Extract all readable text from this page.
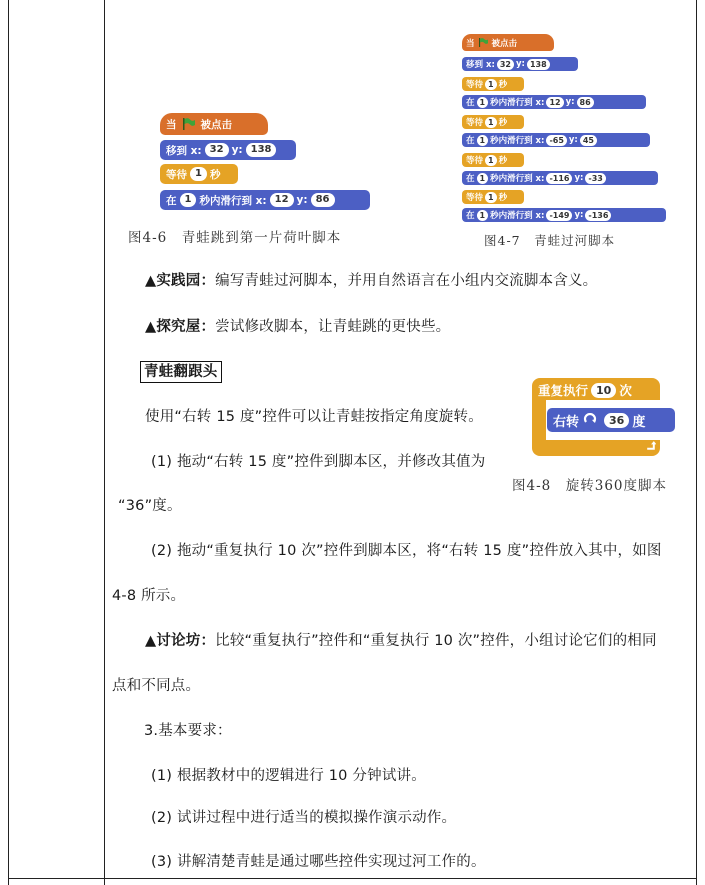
当 被点击
移到 x: 32 y: 138
等待 1 秒
在 1 秒内滑行到 x: 12 y: 86
图4-6　青蛙跳到第一片荷叶脚本
当 被点击
移到 x: 32 y: 138
等待 1 秒
在 1 秒内滑行到 x: 12 y: 86
等待 1 秒
在 1 秒内滑行到 x: -65 y: 45
等待 1 秒
在 1 秒内滑行到 x: -116 y: -33
等待 1 秒
在 1 秒内滑行到 x: -149 y: -136
图4-7　青蛙过河脚本
▲实践园：编写青蛙过河脚本，并用自然语言在小组内交流脚本含义。
▲探究屋：尝试修改脚本，让青蛙跳的更快些。
青蛙翻跟头
使用“右转 15 度”控件可以让青蛙按指定角度旋转。
(1) 拖动“右转 15 度”控件到脚本区，并修改其值为
“36”度。
重复执行 10 次
右转	36 度
图4-8　旋转360度脚本
(2) 拖动“重复执行 10 次”控件到脚本区，将“右转 15 度”控件放入其中，如图
4-8 所示。
▲讨论坊：比较“重复执行”控件和“重复执行 10 次”控件，小组讨论它们的相同
点和不同点。
3.基本要求：
(1) 根据教材中的逻辑进行 10 分钟试讲。
(2) 试讲过程中进行适当的模拟操作演示动作。
(3) 讲解清楚青蛙是通过哪些控件实现过河工作的。
